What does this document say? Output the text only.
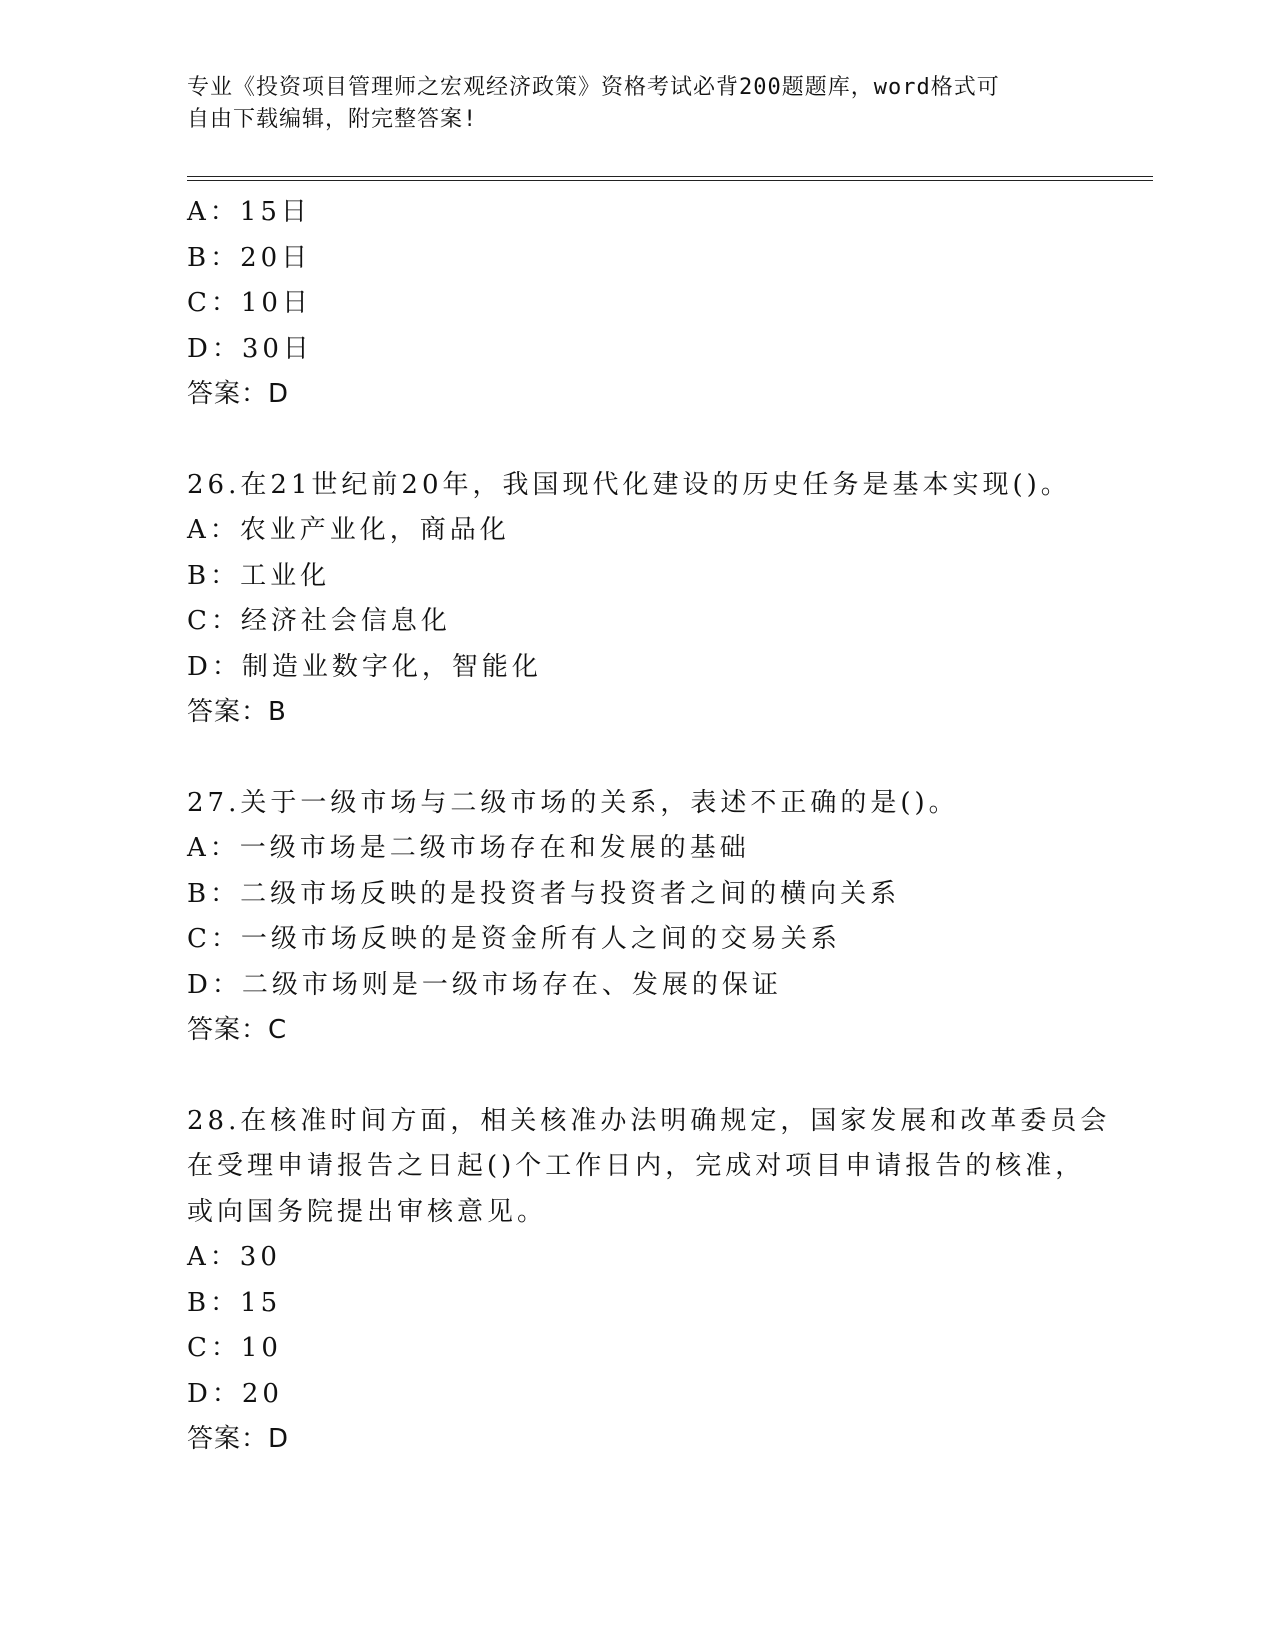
专业《投资项目管理师之宏观经济政策》资格考试必背200题题库，word格式可
自由下载编辑，附完整答案!
A：15日
B：20日
C：10日
D：30日
答案：D
26.在21世纪前20年，我国现代化建设的历史任务是基本实现()。
A：农业产业化，商品化
B：工业化
C：经济社会信息化
D：制造业数字化，智能化
答案：B
27.关于一级市场与二级市场的关系，表述不正确的是()。
A：一级市场是二级市场存在和发展的基础
B：二级市场反映的是投资者与投资者之间的横向关系
C：一级市场反映的是资金所有人之间的交易关系
D：二级市场则是一级市场存在、发展的保证
答案：C
28.在核准时间方面，相关核准办法明确规定，国家发展和改革委员会
在受理申请报告之日起()个工作日内，完成对项目申请报告的核准，
或向国务院提出审核意见。
A：30
B：15
C：10
D：20
答案：D
